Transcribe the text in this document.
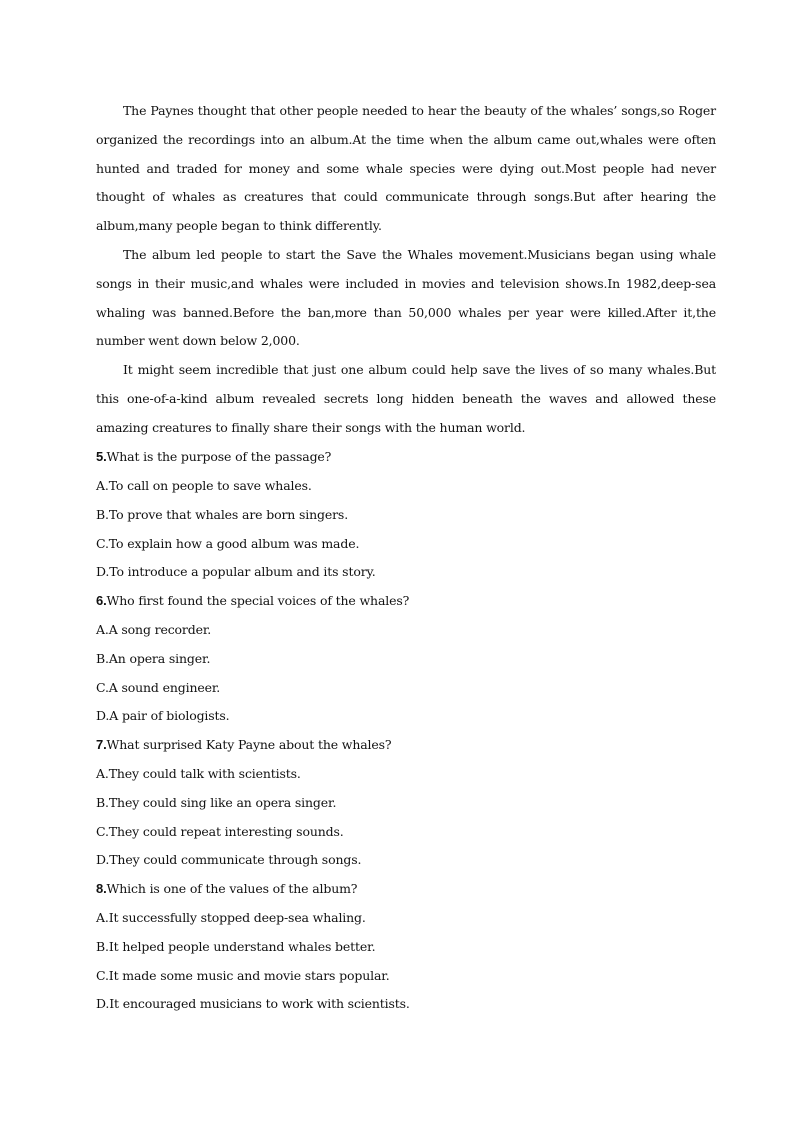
The Paynes thought that other people needed to hear the beauty of the whales’ songs,so Roger organized the recordings into an album.At the time when the album came out,whales were often hunted and traded for money and some whale species were dying out.Most people had never thought of whales as creatures that could communicate through songs.But after hearing the album,many people began to think differently.

The album led people to start the Save the Whales movement.Musicians began using whale songs in their music,and whales were included in movies and television shows.In 1982,deep-sea whaling was banned.Before the ban,more than 50,000 whales per year were killed.After it,the number went down below 2,000.

It might seem incredible that just one album could help save the lives of so many whales.But this one-of-a-kind album revealed secrets long hidden beneath the waves and allowed these amazing creatures to finally share their songs with the human world.

5.What is the purpose of the passage?
A.To call on people to save whales.
B.To prove that whales are born singers.
C.To explain how a good album was made.
D.To introduce a popular album and its story.
6.Who first found the special voices of the whales?
A.A song recorder.
B.An opera singer.
C.A sound engineer.
D.A pair of biologists.
7.What surprised Katy Payne about the whales?
A.They could talk with scientists.
B.They could sing like an opera singer.
C.They could repeat interesting sounds.
D.They could communicate through songs.
8.Which is one of the values of the album?
A.It successfully stopped deep-sea whaling.
B.It helped people understand whales better.
C.It made some music and movie stars popular.
D.It encouraged musicians to work with scientists.
